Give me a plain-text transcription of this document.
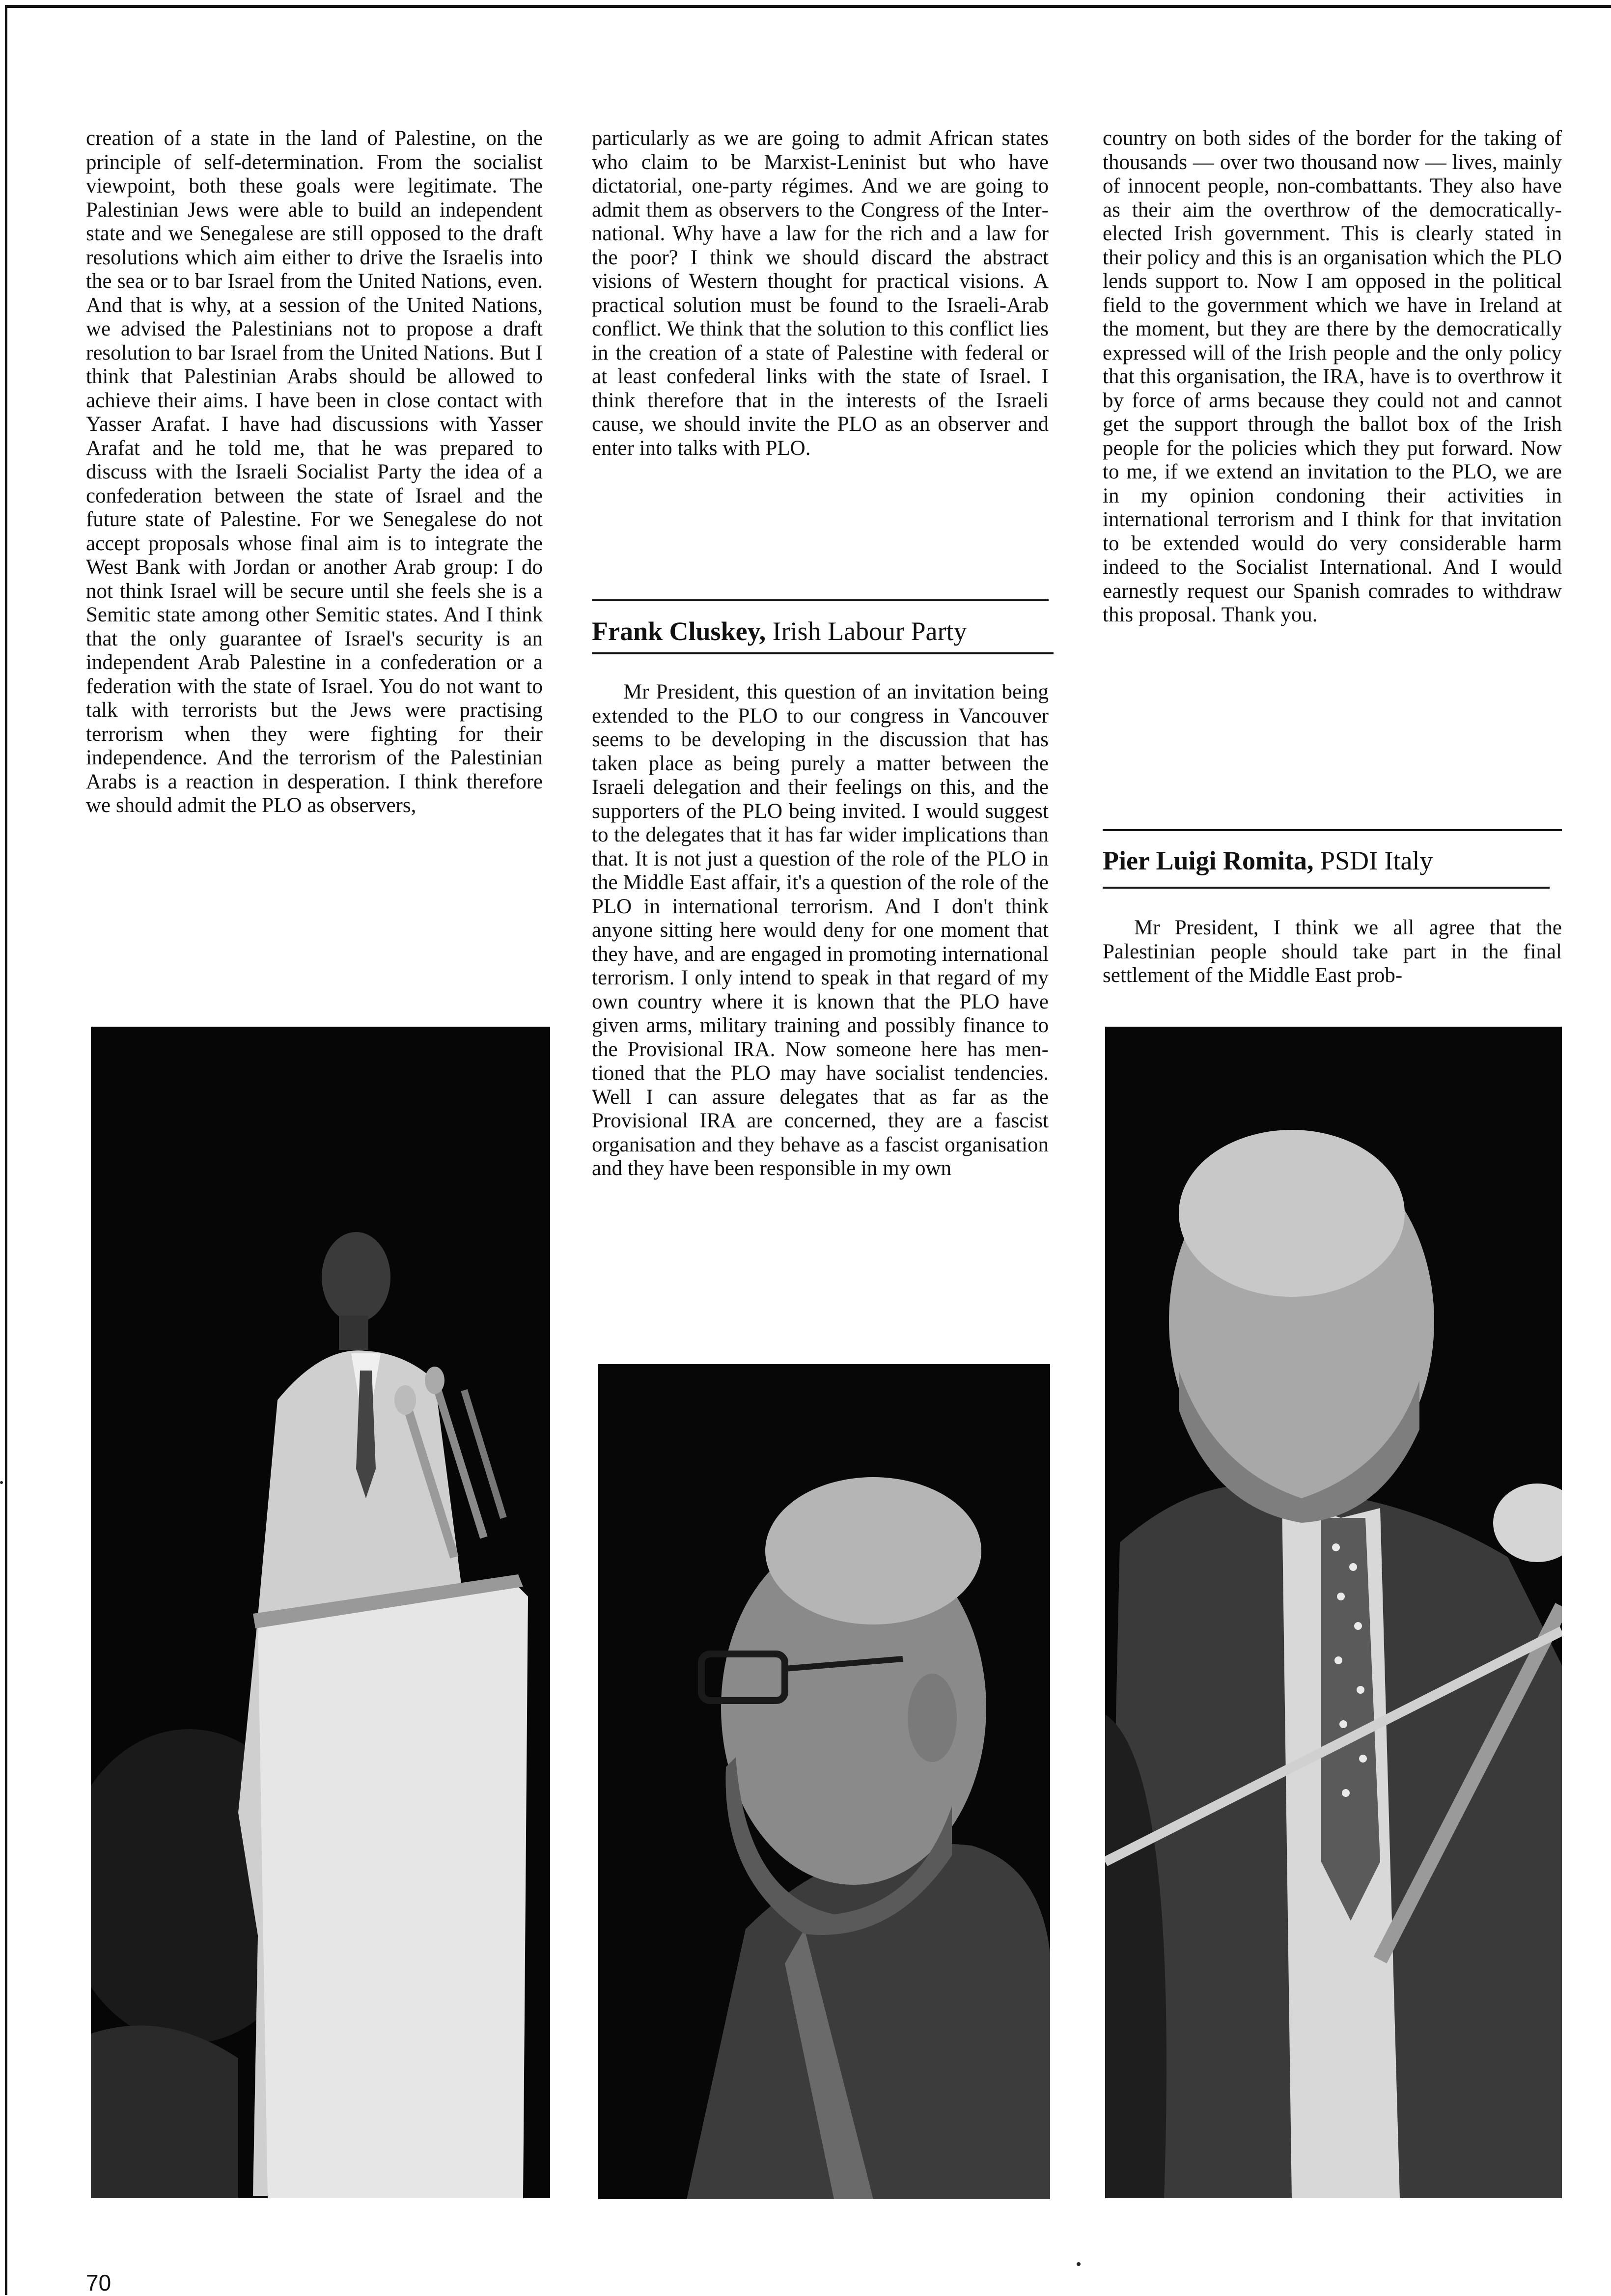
creation of a state in the land of Palestine, on the principle of self-determination. From the socialist viewpoint, both these goals were legitimate. The Palestinian Jews were able to build an independent state and we Senegalese are still opposed to the draft resolutions which aim either to drive the Israelis into the sea or to bar Israel from the United Nations, even. And that is why, at a session of the United Nations, we advised the Palestinians not to propose a draft resolution to bar Israel from the United Nations. But I think that Palestinian Arabs should be allowed to achieve their aims. I have been in close contact with Yasser Arafat. I have had discussions with Yasser Arafat and he told me, that he was prepared to discuss with the Israeli Socialist Party the idea of a confederation between the state of Israel and the future state of Palestine. For we Senegalese do not accept proposals whose final aim is to integrate the West Bank with Jordan or another Arab group: I do not think Israel will be secure until she feels she is a Semitic state among other Semitic states. And I think that the only guarantee of Israel's security is an independent Arab Palestine in a confederation or a federation with the state of Israel. You do not want to talk with terrorists but the Jews were practising terrorism when they were fighting for their independence. And the terrorism of the Palestinian Arabs is a reaction in desperation. I think therefore we should admit the PLO as observers,

particularly as we are going to admit African states who claim to be Marxist-Leninist but who have dictatorial, one-party régimes. And we are going to admit them as observers to the Congress of the International. Why have a law for the rich and a law for the poor? I think we should discard the abstract visions of Western thought for practical visions. A practical solution must be found to the Israeli-Arab conflict. We think that the solution to this conflict lies in the creation of a state of Palestine with federal or at least confederal links with the state of Israel. I think therefore that in the interests of the Israeli cause, we should invite the PLO as an observer and enter into talks with PLO.

Frank Cluskey, Irish Labour Party

Mr President, this question of an invitation being extended to the PLO to our congress in Vancouver seems to be developing in the discussion that has taken place as being purely a matter between the Israeli delegation and their feelings on this, and the supporters of the PLO being invited. I would suggest to the delegates that it has far wider implications than that. It is not just a question of the role of the PLO in the Middle East affair, it's a question of the role of the PLO in international terrorism. And I don't think anyone sitting here would deny for one moment that they have, and are engaged in promoting international terrorism. I only intend to speak in that regard of my own country where it is known that the PLO have given arms, military training and possibly finance to the Provisional IRA. Now someone here has mentioned that the PLO may have socialist tendencies. Well I can assure delegates that as far as the Provisional IRA are concerned, they are a fascist organisation and they behave as a fascist organisation and they have been responsible in my own

country on both sides of the border for the taking of thousands — over two thousand now — lives, mainly of innocent people, non-combattants. They also have as their aim the overthrow of the democratically-elected Irish government. This is clearly stated in their policy and this is an organisation which the PLO lends support to. Now I am opposed in the political field to the government which we have in Ireland at the moment, but they are there by the democratically expressed will of the Irish people and the only policy that this organisation, the IRA, have is to overthrow it by force of arms because they could not and cannot get the support through the ballot box of the Irish people for the policies which they put forward. Now to me, if we extend an invitation to the PLO, we are in my opinion condoning their activities in international terrorism and I think for that invitation to be extended would do very considerable harm indeed to the Socialist International. And I would earnestly request our Spanish comrades to withdraw this proposal. Thank you.

Pier Luigi Romita, PSDI Italy

Mr President, I think we all agree that the Palestinian people should take part in the final settlement of the Middle East prob-

70
